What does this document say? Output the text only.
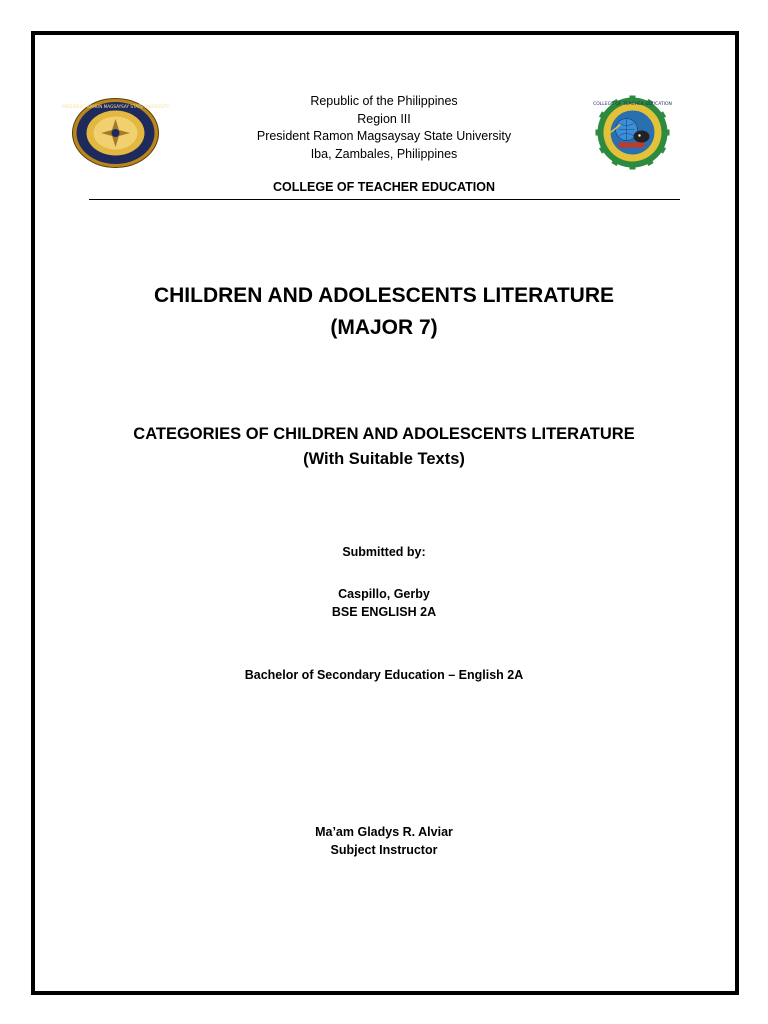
PRESIDENT RAMON MAGSAYSAY STATE UNIVERSITY	COLLEGE OF TEACHER EDUCATION
Republic of the Philippines
Region III
President Ramon Magsaysay State University
Iba, Zambales, Philippines
COLLEGE OF TEACHER EDUCATION
CHILDREN AND ADOLESCENTS LITERATURE
(MAJOR 7)
CATEGORIES OF CHILDREN AND ADOLESCENTS LITERATURE
(With Suitable Texts)
Submitted by:
Caspillo, Gerby
BSE ENGLISH 2A
Bachelor of Secondary Education – English 2A
Ma’am Gladys R. Alviar
Subject Instructor
